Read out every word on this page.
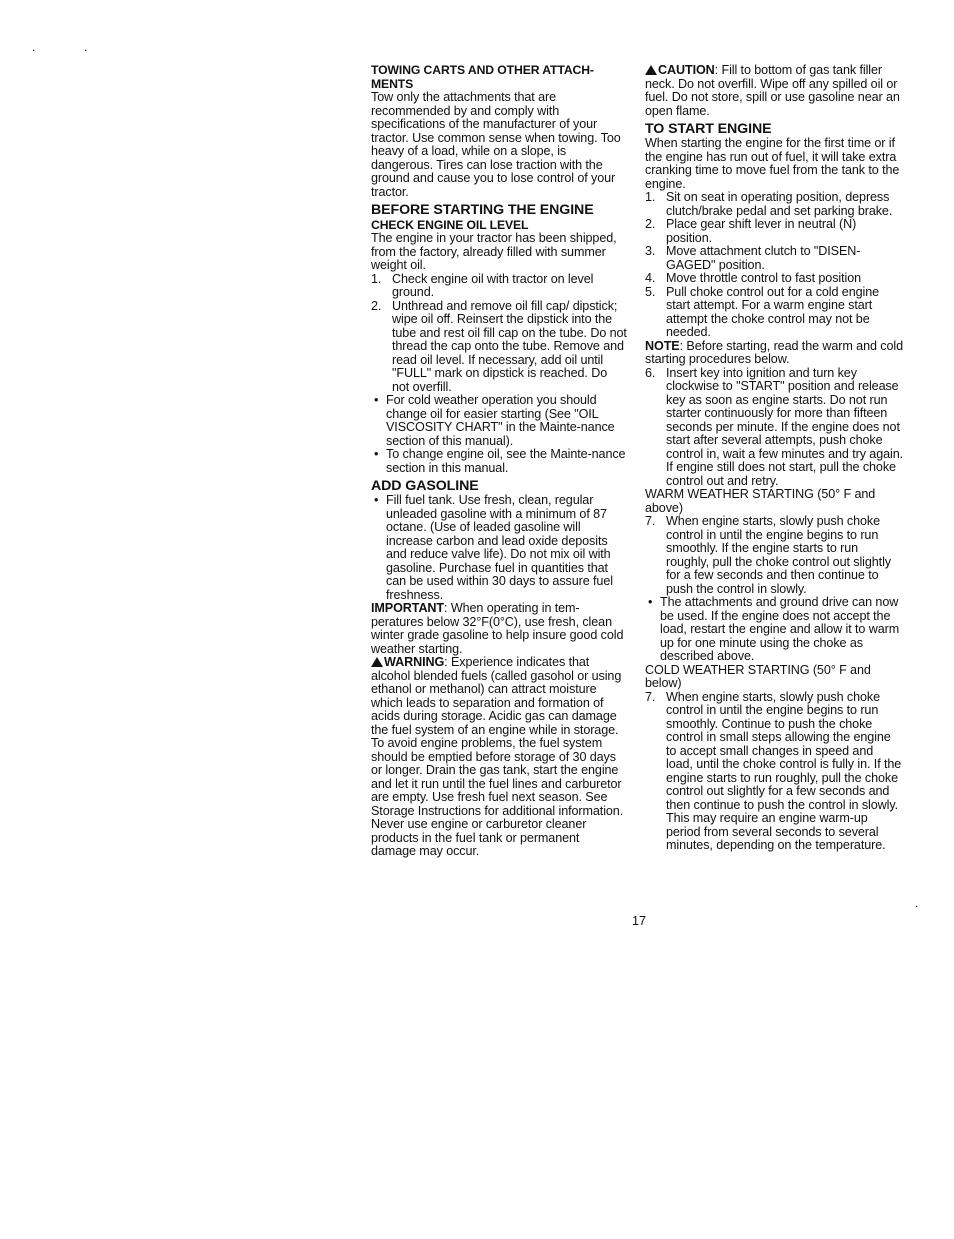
.	.
.

TOWING CARTS AND OTHER ATTACH-MENTS

Tow only the attachments that are recommended by and comply with specifications of the manufacturer of your tractor. Use common sense when towing. Too heavy of a load, while on a slope, is dangerous. Tires can lose traction with the ground and cause you to lose control of your tractor.

BEFORE STARTING THE ENGINE

CHECK ENGINE OIL LEVEL

The engine in your tractor has been shipped, from the factory, already filled with summer weight oil.

1. Check engine oil with tractor on level ground.
2. Unthread and remove oil fill cap/ dipstick; wipe oil off. Reinsert the dipstick into the tube and rest oil fill cap on the tube. Do not thread the cap onto the tube. Remove and read oil level. If necessary, add oil until "FULL" mark on dipstick is reached. Do not overfill.
• For cold weather operation you should change oil for easier starting (See "OIL VISCOSITY CHART" in the Mainte-nance section of this manual).
• To change engine oil, see the Mainte-nance section in this manual.

ADD GASOLINE

• Fill fuel tank. Use fresh, clean, regular unleaded gasoline with a minimum of 87 octane. (Use of leaded gasoline will increase carbon and lead oxide deposits and reduce valve life). Do not mix oil with gasoline. Purchase fuel in quantities that can be used within 30 days to assure fuel freshness.

IMPORTANT: When operating in tem-peratures below 32°F(0°C), use fresh, clean winter grade gasoline to help insure good cold weather starting.

WARNING: Experience indicates that alcohol blended fuels (called gasohol or using ethanol or methanol) can attract moisture which leads to separation and formation of acids during storage. Acidic gas can damage the fuel system of an engine while in storage. To avoid engine problems, the fuel system should be emptied before storage of 30 days or longer. Drain the gas tank, start the engine and let it run until the fuel lines and carburetor are empty. Use fresh fuel next season. See Storage Instructions for additional information. Never use engine or carburetor cleaner products in the fuel tank or permanent damage may occur.

CAUTION: Fill to bottom of gas tank filler neck. Do not overfill. Wipe off any spilled oil or fuel. Do not store, spill or use gasoline near an open flame.

TO START ENGINE

When starting the engine for the first time or if the engine has run out of fuel, it will take extra cranking time to move fuel from the tank to the engine.

1. Sit on seat in operating position, depress clutch/brake pedal and set parking brake.
2. Place gear shift lever in neutral (N) position.
3. Move attachment clutch to "DISEN-GAGED" position.
4. Move throttle control to fast position
5. Pull choke control out for a cold engine start attempt. For a warm engine start attempt the choke control may not be needed.

NOTE: Before starting, read the warm and cold starting procedures below.

6. Insert key into ignition and turn key clockwise to "START" position and release key as soon as engine starts. Do not run starter continuously for more than fifteen seconds per minute. If the engine does not start after several attempts, push choke control in, wait a few minutes and try again. If engine still does not start, pull the choke control out and retry.

WARM WEATHER STARTING (50° F and above)

7. When engine starts, slowly push choke control in until the engine begins to run smoothly. If the engine starts to run roughly, pull the choke control out slightly for a few seconds and then continue to push the control in slowly.
• The attachments and ground drive can now be used. If the engine does not accept the load, restart the engine and allow it to warm up for one minute using the choke as described above.

COLD WEATHER STARTING (50° F and below)

7. When engine starts, slowly push choke control in until the engine begins to run smoothly. Continue to push the choke control in small steps allowing the engine to accept small changes in speed and load, until the choke control is fully in. If the engine starts to run roughly, pull the choke control out slightly for a few seconds and then continue to push the control in slowly. This may require an engine warm-up period from several seconds to several minutes, depending on the temperature.
17
